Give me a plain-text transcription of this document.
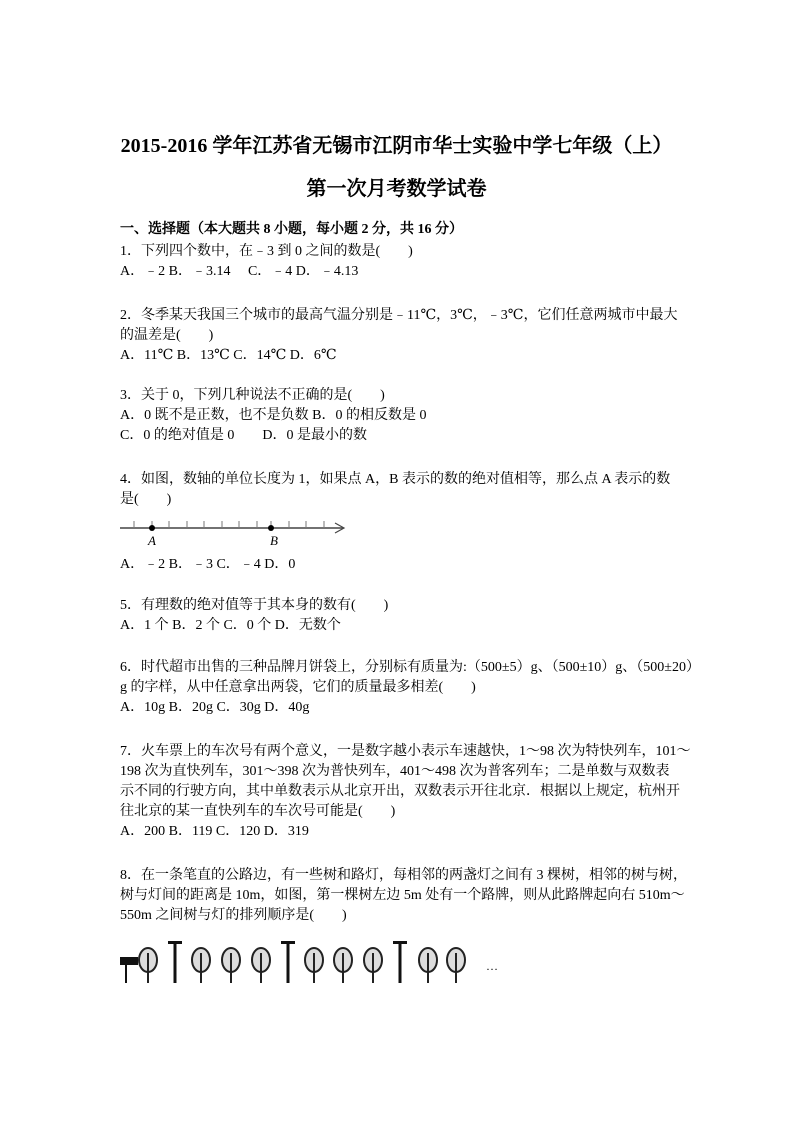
2015-2016 学年江苏省无锡市江阴市华士实验中学七年级（上）
第一次月考数学试卷
一、选择题（本大题共 8 小题，每小题 2 分，共 16 分）
1．下列四个数中，在﹣3 到 0 之间的数是(　　)
A．﹣2 B．﹣3.14　 C．﹣4 D．﹣4.13
2．冬季某天我国三个城市的最高气温分别是﹣11℃，3℃，﹣3℃，它们任意两城市中最大
的温差是(　　)
A．11℃ B．13℃ C．14℃ D．6℃
3．关于 0，下列几种说法不正确的是(　　)
A．0 既不是正数，也不是负数 B．0 的相反数是 0
C．0 的绝对值是 0　　D．0 是最小的数
4．如图，数轴的单位长度为 1，如果点 A，B 表示的数的绝对值相等，那么点 A 表示的数
是(　　)
A．﹣2 B．﹣3 C．﹣4 D．0
5．有理数的绝对值等于其本身的数有(　　)
A．1 个 B．2 个 C．0 个 D．无数个
6．时代超市出售的三种品牌月饼袋上，分别标有质量为:（500±5）g、（500±10）g、（500±20）
g 的字样，从中任意拿出两袋，它们的质量最多相差(　　)
A．10g B．20g C．30g D．40g
7．火车票上的车次号有两个意义，一是数字越小表示车速越快，1～98 次为特快列车，101～
198 次为直快列车，301～398 次为普快列车，401～498 次为普客列车；二是单数与双数表
示不同的行驶方向，其中单数表示从北京开出，双数表示开往北京．根据以上规定，杭州开
往北京的某一直快列车的车次号可能是(　　)
A．200 B．119 C．120 D．319
8．在一条笔直的公路边，有一些树和路灯，每相邻的两盏灯之间有 3 棵树，相邻的树与树，
树与灯间的距离是 10m，如图，第一棵树左边 5m 处有一个路牌，则从此路牌起向右 510m～
550m 之间树与灯的排列顺序是(　　)
A	B
…
